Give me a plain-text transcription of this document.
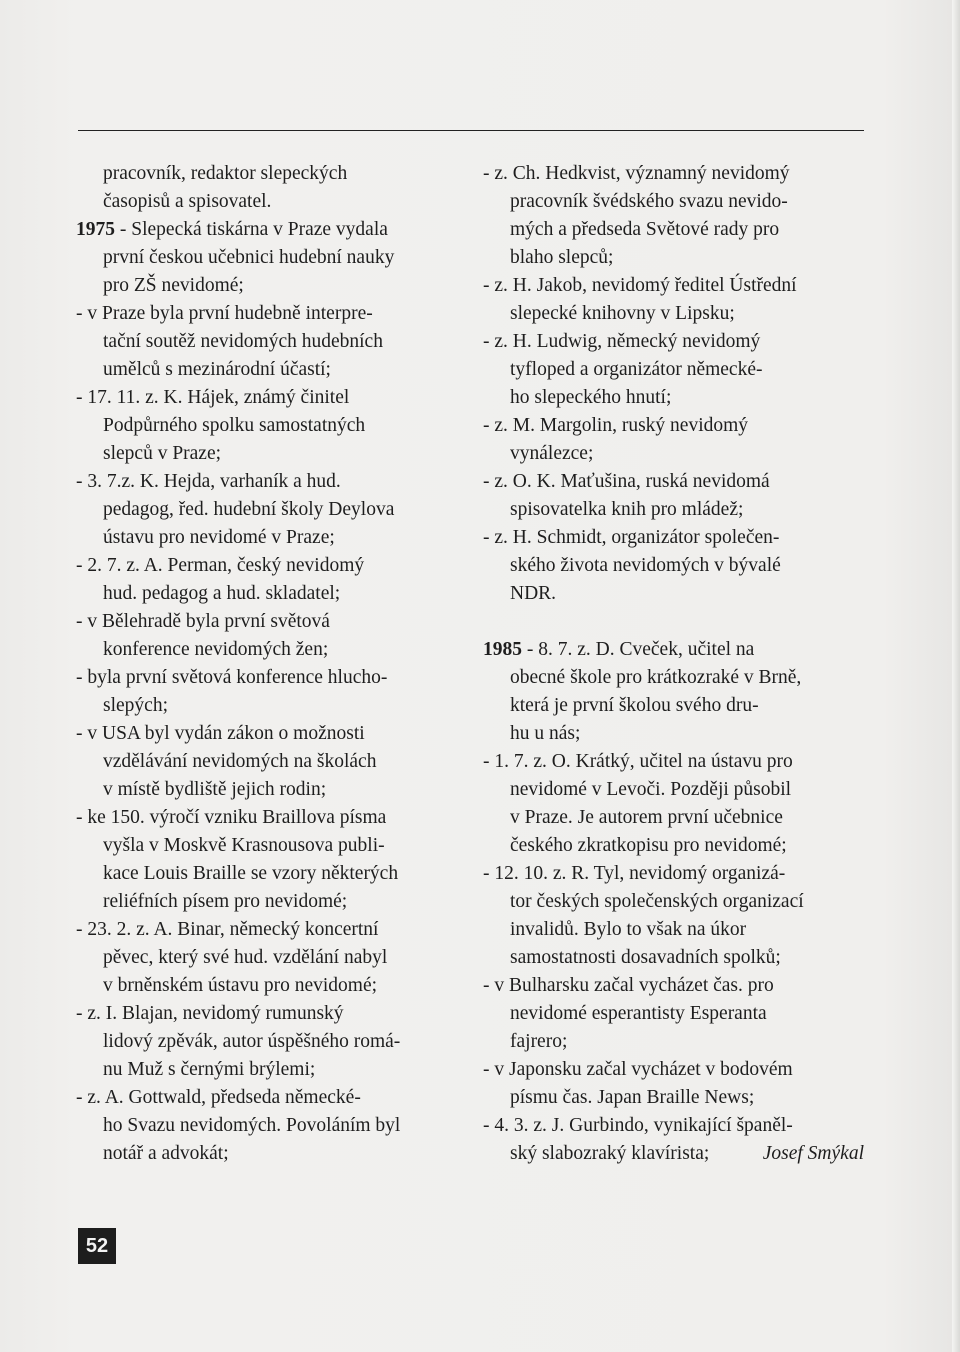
pracovník, redaktor slepeckých
časopisů a spisovatel.
1975 - Slepecká tiskárna v Praze vydala
první českou učebnici hudební nauky
pro ZŠ nevidomé;
- v Praze byla první hudebně interpre-
tační soutěž nevidomých hudebních
umělců s mezinárodní účastí;
- 17. 11. z. K. Hájek, známý činitel
Podpůrného spolku samostatných
slepců v Praze;
- 3. 7.z. K. Hejda, varhaník a hud.
pedagog, řed. hudební školy Deylova
ústavu pro nevidomé v Praze;
- 2. 7. z. A. Perman, český nevidomý
hud. pedagog a hud. skladatel;
- v Bělehradě byla první světová
konference nevidomých žen;
- byla první světová konference hlucho-
slepých;
- v USA byl vydán zákon o možnosti
vzdělávání nevidomých na školách
v místě bydliště jejich rodin;
- ke 150. výročí vzniku Braillova písma
vyšla v Moskvě Krasnousova publi-
kace Louis Braille se vzory některých
reliéfních písem pro nevidomé;
- 23. 2. z. A. Binar, německý koncertní
pěvec, který své hud. vzdělání nabyl
v brněnském ústavu pro nevidomé;
- z. I. Blajan, nevidomý rumunský
lidový zpěvák, autor úspěšného romá-
nu Muž s černými brýlemi;
- z. A. Gottwald, předseda německé-
ho Svazu nevidomých. Povoláním byl
notář a advokát;
- z. Ch. Hedkvist, významný nevidomý
pracovník švédského svazu nevido-
mých a předseda Světové rady pro
blaho slepců;
- z. H. Jakob, nevidomý ředitel Ústřední
slepecké knihovny v Lipsku;
- z. H. Ludwig, německý nevidomý
tyfloped a organizátor německé-
ho slepeckého hnutí;
- z. M. Margolin, ruský nevidomý
vynálezce;
- z. O. K. Maťušina, ruská nevidomá
spisovatelka knih pro mládež;
- z. H. Schmidt, organizátor společen-
ského života nevidomých v bývalé
NDR.
1985 - 8. 7. z. D. Cveček, učitel na
obecné škole pro krátkozraké v Brně,
která je první školou svého dru-
hu u nás;
- 1. 7. z. O. Krátký, učitel na ústavu pro
nevidomé v Levoči. Později působil
v Praze. Je autorem první učebnice
českého zkratkopisu pro nevidomé;
- 12. 10. z. R. Tyl, nevidomý organizá-
tor českých společenských organizací
invalidů. Bylo to však na úkor
samostatnosti dosavadních spolků;
- v Bulharsku začal vycházet čas. pro
nevidomé esperantisty Esperanta
fajrero;
- v Japonsku začal vycházet v bodovém
písmu čas. Japan Braille News;
- 4. 3. z. J. Gurbindo, vynikající španěl-
ský slabozraký klavírista;	Josef Smýkal
52
